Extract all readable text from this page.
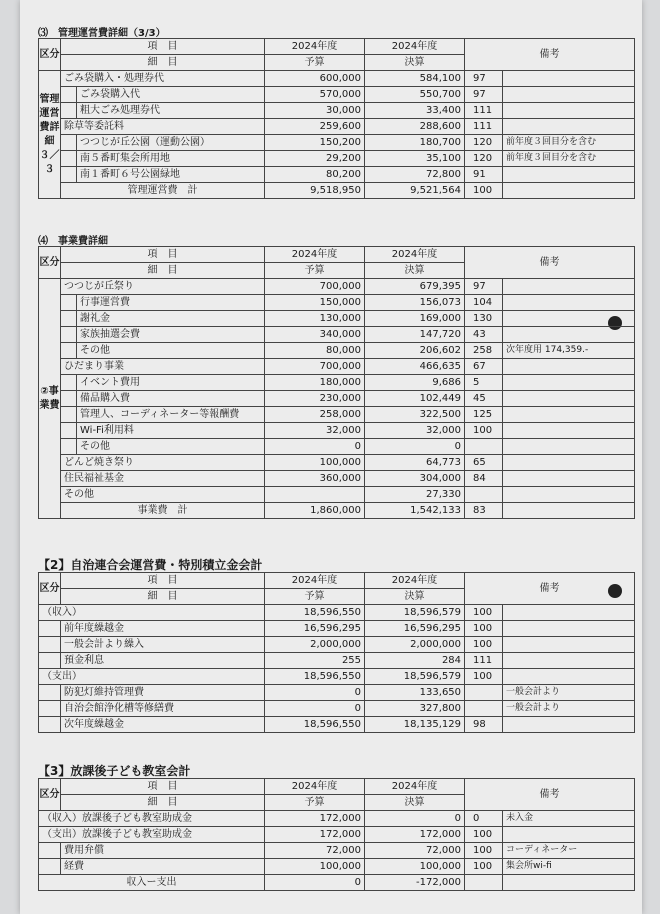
⑶　管理運営費詳細（3/3）
区分	項　目	2024年度	2024年度	備考
	細　目	予算	決算	
管理運営費詳細　３／３	ごみ袋購入・処理券代		600,000	584,100	97	
		ごみ袋購入代	570,000	550,700	97	
		粗大ごみ処理券代	30,000	33,400	111	
	除草等委託料		259,600	288,600	111	
		つつじが丘公園（運動公園）	150,200	180,700	120	前年度３回目分を含む
		南５番町集会所用地	29,200	35,100	120	前年度３回目分を含む
		南１番町６号公園緑地	80,200	72,800	91	
	管理運営費　計		9,518,950	9,521,564	100	
⑷　事業費詳細
区分	項　目	2024年度	2024年度	備考
	細　目	予算	決算	
②事業費	つつじが丘祭り		700,000	679,395	97	
		行事運営費	150,000	156,073	104	
		謝礼金	130,000	169,000	130	
		家族抽選会費	340,000	147,720	43	
		その他	80,000	206,602	258	次年度用 174,359.-
	ひだまり事業		700,000	466,635	67	
		イベント費用	180,000	9,686	5	
		備品購入費	230,000	102,449	45	
		管理人、コーディネーター等報酬費	258,000	322,500	125	
		Wi-Fi利用料	32,000	32,000	100	
		その他	0	0		
	どんど焼き祭り		100,000	64,773	65	
	住民福祉基金		360,000	304,000	84	
	その他			27,330		
	事業費　計		1,860,000	1,542,133	83	
【2】自治連合会運営費・特別積立金会計
区分	項　目	2024年度	2024年度	備考
	細　目	予算	決算	
（収入）		18,596,550	18,596,579	100	
	前年度繰越金	16,596,295	16,596,295	100	
	一般会計より繰入	2,000,000	2,000,000	100	
	預金利息	255	284	111	
（支出）		18,596,550	18,596,579	100	
	防犯灯維持管理費	0	133,650		一般会計より
	自治会館浄化槽等修繕費	0	327,800		一般会計より
	次年度繰越金	18,596,550	18,135,129	98	
【3】放課後子ども教室会計
区分	項　目	2024年度	2024年度	備考
	細　目	予算	決算	
（収入）放課後子ども教室助成金		172,000	0	0	未入金
（支出）放課後子ども教室助成金		172,000	172,000	100	
	費用弁償	72,000	72,000	100	コーディネーター
	経費	100,000	100,000	100	集会所wi-fi
収入ー支出		0	-172,000		
